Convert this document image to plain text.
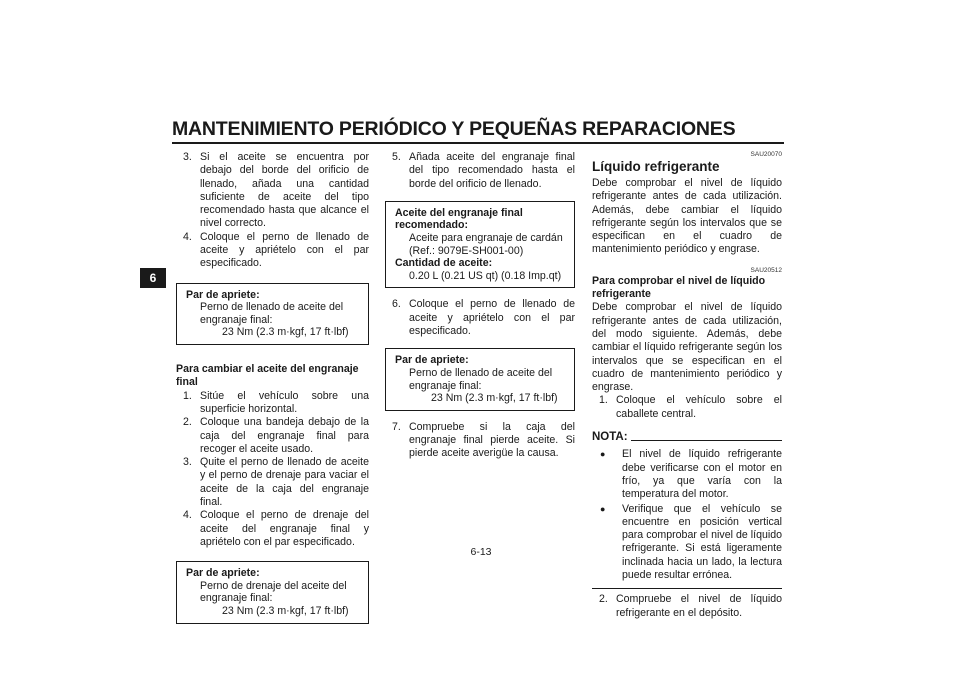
MANTENIMIENTO PERIÓDICO Y PEQUEÑAS REPARACIONES
6
3. Si el aceite se encuentra por debajo del borde del orificio de llenado, añada una cantidad suficiente de aceite del tipo recomendado hasta que alcance el nivel correcto.
4. Coloque el perno de llenado de aceite y apriételo con el par especificado.
Par de apriete:
Perno de llenado de aceite del engranaje final:
23 Nm (2.3 m·kgf, 17 ft·lbf)
Para cambiar el aceite del engranaje final
1. Sitúe el vehículo sobre una superficie horizontal.
2. Coloque una bandeja debajo de la caja del engranaje final para recoger el aceite usado.
3. Quite el perno de llenado de aceite y el perno de drenaje para vaciar el aceite de la caja del engranaje final.
4. Coloque el perno de drenaje del aceite del engranaje final y apriételo con el par especificado.
Par de apriete:
Perno de drenaje del aceite del engranaje final:
23 Nm (2.3 m·kgf, 17 ft·lbf)
5. Añada aceite del engranaje final del tipo recomendado hasta el borde del orificio de llenado.
Aceite del engranaje final recomendado:
Aceite para engranaje de cardán
(Ref.: 9079E-SH001-00)
Cantidad de aceite:
0.20 L (0.21 US qt) (0.18 Imp.qt)
6. Coloque el perno de llenado de aceite y apriételo con el par especificado.
Par de apriete:
Perno de llenado de aceite del engranaje final:
23 Nm (2.3 m·kgf, 17 ft·lbf)
7. Compruebe si la caja del engranaje final pierde aceite. Si pierde aceite averigüe la causa.
SAU20070
Líquido refrigerante
Debe comprobar el nivel de líquido refrigerante antes de cada utilización. Además, debe cambiar el líquido refrigerante según los intervalos que se especifican en el cuadro de mantenimiento periódico y engrase.
SAU20512
Para comprobar el nivel de líquido refrigerante
Debe comprobar el nivel de líquido refrigerante antes de cada utilización, del modo siguiente. Además, debe cambiar el líquido refrigerante según los intervalos que se especifican en el cuadro de mantenimiento periódico y engrase.
1. Coloque el vehículo sobre el caballete central.
NOTA:
●	El nivel de líquido refrigerante debe verificarse con el motor en frío, ya que varía con la temperatura del motor.
●	Verifique que el vehículo se encuentre en posición vertical para comprobar el nivel de líquido refrigerante. Si está ligeramente inclinada hacia un lado, la lectura puede resultar errónea.
2. Compruebe el nivel de líquido refrigerante en el depósito.
6-13
